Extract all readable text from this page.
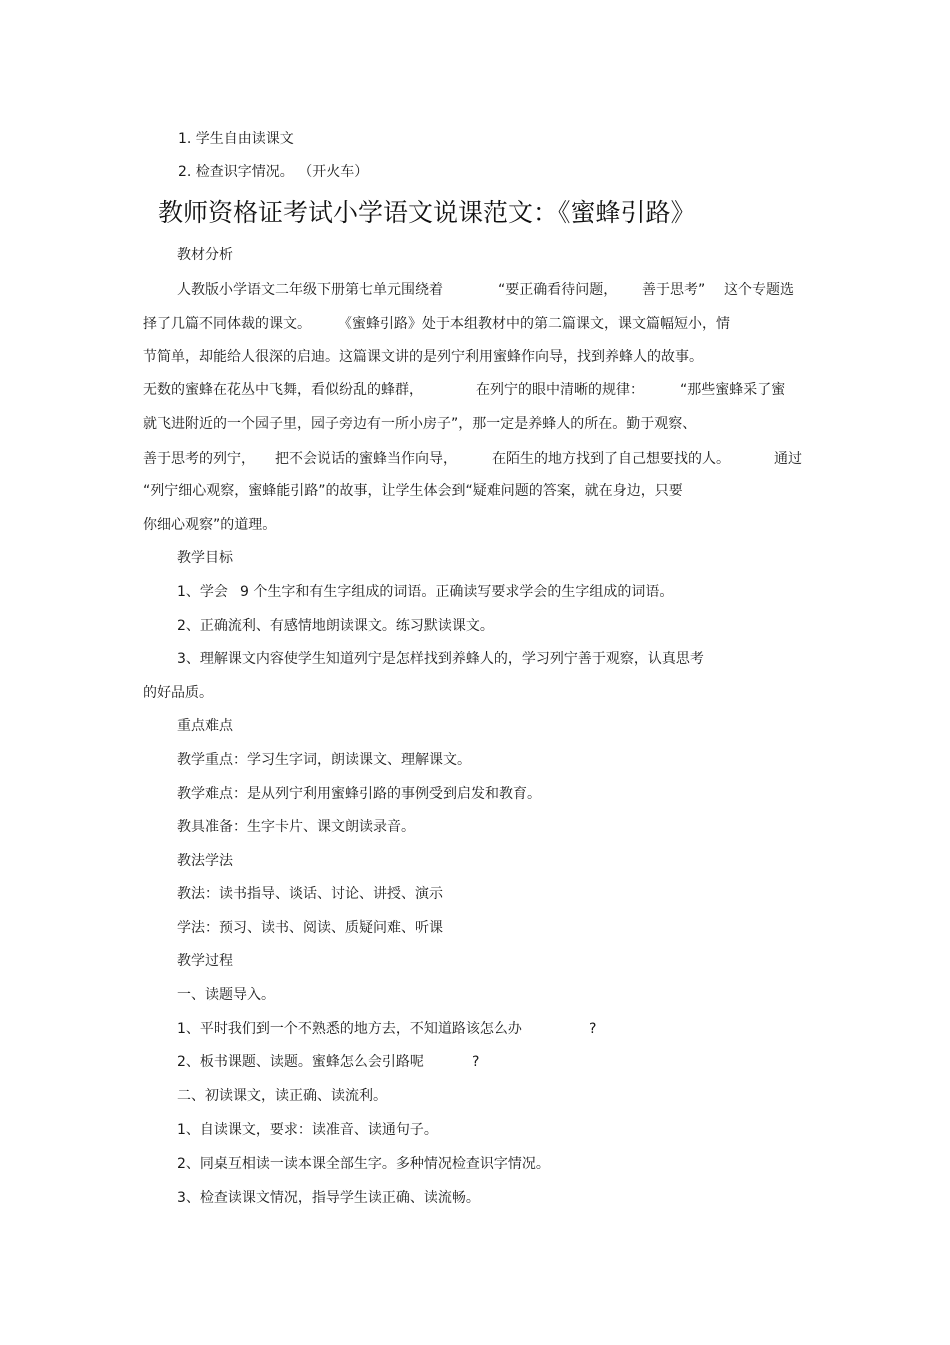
1. 学生自由读课文
2. 检查识字情况。 （开火车）
教师资格证考试小学语文说课范文：《蜜蜂引路》
教材分析
人教版小学语文二年级下册第七单元围绕着	“要正确看待问题， 善于思考” 这个专题选
择了几篇不同体裁的课文。 《蜜蜂引路》处于本组教材中的第二篇课文，课文篇幅短小，情
节简单，却能给人很深的启迪。这篇课文讲的是列宁利用蜜蜂作向导，找到养蜂人的故事。
无数的蜜蜂在花丛中飞舞，看似纷乱的蜂群，	在列宁的眼中清晰的规律：	“那些蜜蜂采了蜜
就飞进附近的一个园子里，园子旁边有一所小房子”，那一定是养蜂人的所在。勤于观察、
善于思考的列宁， 把不会说话的蜜蜂当作向导，	在陌生的地方找到了自己想要找的人。	通过
“列宁细心观察，蜜蜂能引路”的故事，让学生体会到“疑难问题的答案，就在身边，只要
你细心观察”的道理。
教学目标
1、学会 9 个生字和有生字组成的词语。正确读写要求学会的生字组成的词语。
2、正确流利、有感情地朗读课文。练习默读课文。
3、理解课文内容使学生知道列宁是怎样找到养蜂人的，学习列宁善于观察，认真思考
的好品质。
重点难点
教学重点：学习生字词，朗读课文、理解课文。
教学难点：是从列宁利用蜜蜂引路的事例受到启发和教育。
教具准备：生字卡片、课文朗读录音。
教法学法
教法：读书指导、谈话、讨论、讲授、演示
学法：预习、读书、阅读、质疑问难、听课
教学过程
一、读题导入。
1、平时我们到一个不熟悉的地方去，不知道路该怎么办	?
2、板书课题、读题。蜜蜂怎么会引路呢	?
二、初读课文，读正确、读流利。
1、自读课文，要求：读准音、读通句子。
2、同桌互相读一读本课全部生字。多种情况检查识字情况。
3、检查读课文情况，指导学生读正确、读流畅。
